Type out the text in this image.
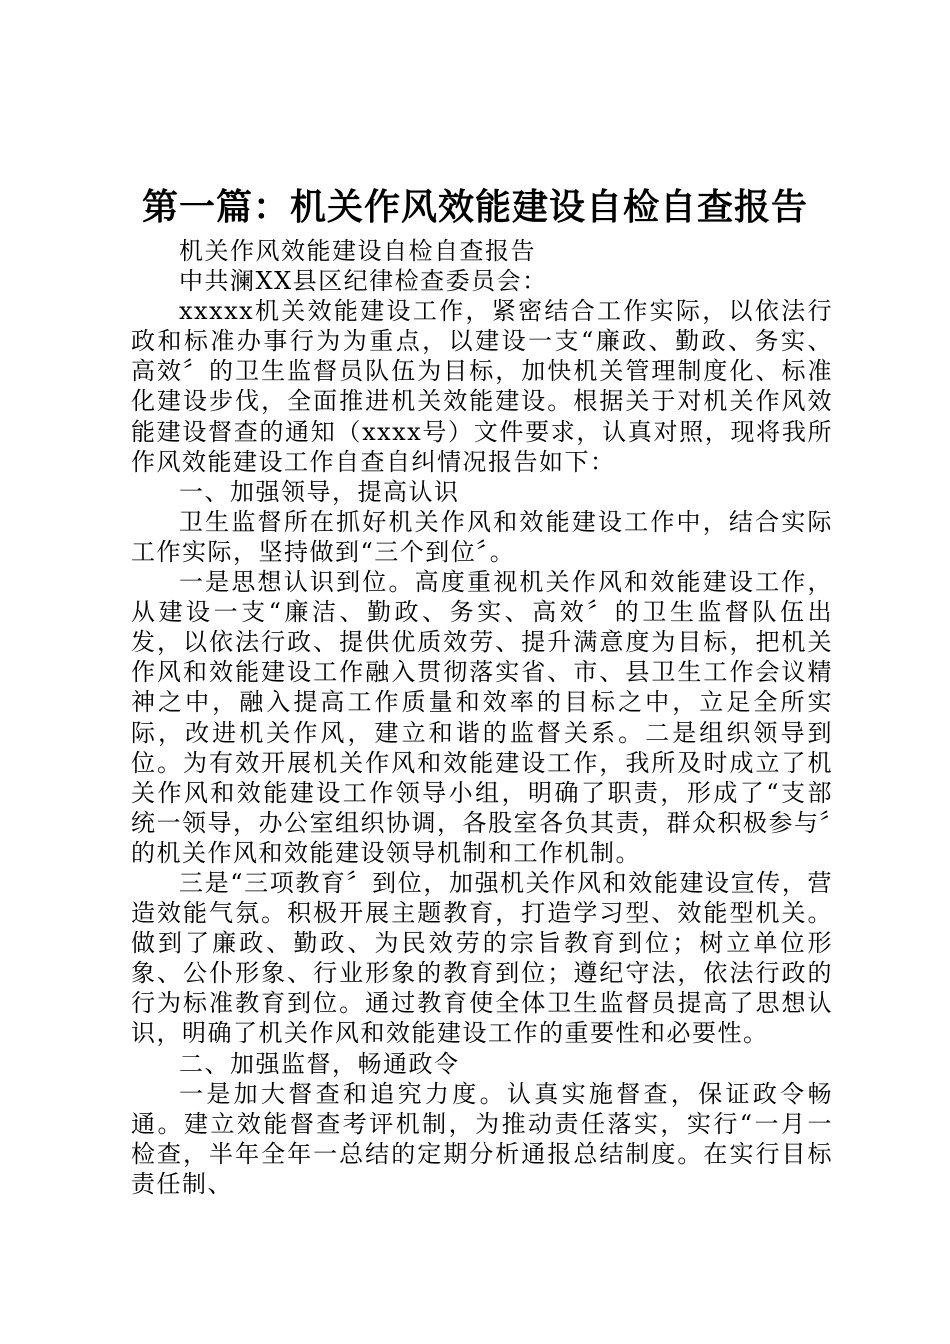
第一篇：机关作风效能建设自检自查报告

机关作风效能建设自检自查报告

中共澜XX县区纪律检查委员会：

xxxxx机关效能建设工作，紧密结合工作实际，以依法行政和标准办事行为为重点，以建设一支“廉政、勤政、务实、高效〞的卫生监督员队伍为目标，加快机关管理制度化、标准化建设步伐，全面推进机关效能建设。根据关于对机关作风效能建设督查的通知（xxxx号）文件要求，认真对照，现将我所作风效能建设工作自查自纠情况报告如下：

一、加强领导，提高认识

卫生监督所在抓好机关作风和效能建设工作中，结合实际工作实际，坚持做到“三个到位〞。

一是思想认识到位。高度重视机关作风和效能建设工作，从建设一支“廉洁、勤政、务实、高效〞的卫生监督队伍出发，以依法行政、提供优质效劳、提升满意度为目标，把机关作风和效能建设工作融入贯彻落实省、市、县卫生工作会议精神之中，融入提高工作质量和效率的目标之中，立足全所实际，改进机关作风，建立和谐的监督关系。二是组织领导到位。为有效开展机关作风和效能建设工作，我所及时成立了机关作风和效能建设工作领导小组，明确了职责，形成了“支部统一领导，办公室组织协调，各股室各负其责，群众积极参与〞的机关作风和效能建设领导机制和工作机制。

三是“三项教育〞到位，加强机关作风和效能建设宣传，营造效能气氛。积极开展主题教育，打造学习型、效能型机关。做到了廉政、勤政、为民效劳的宗旨教育到位；树立单位形象、公仆形象、行业形象的教育到位；遵纪守法，依法行政的行为标准教育到位。通过教育使全体卫生监督员提高了思想认识，明确了机关作风和效能建设工作的重要性和必要性。

二、加强监督，畅通政令

一是加大督查和追究力度。认真实施督查，保证政令畅通。建立效能督查考评机制，为推动责任落实，实行“一月一检查，半年全年一总结的定期分析通报总结制度。在实行目标责任制、
